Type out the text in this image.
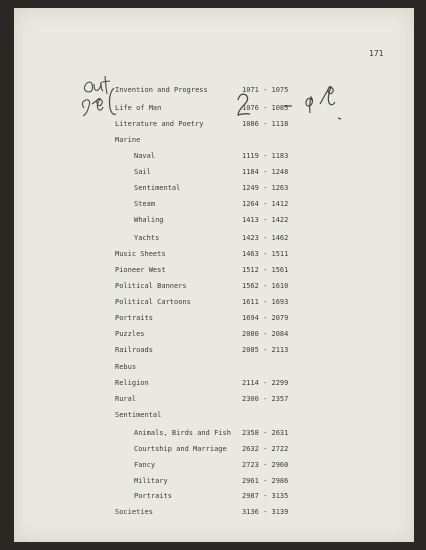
171
Invention and Progress	1071 - 1075
Life of Man	1076 - 1085
Literature and Poetry	1086 - 1118
Marine
Naval	1119 - 1183
Sail	1184 - 1248
Sentimental	1249 - 1263
Steam	1264 - 1412
Whaling	1413 - 1422
Yachts	1423 - 1462
Music Sheets	1463 - 1511
Pioneer West	1512 - 1561
Political Banners	1562 - 1610
Political Cartoons	1611 - 1693
Portraits	1694 - 2079
Puzzles	2080 - 2084
Railroads	2085 - 2113
Rebus
Religion	2114 - 2299
Rural	2300 - 2357
Sentimental
Animals, Birds and Fish 2358 - 2631
Courtship and Marriage 2632 - 2722
Fancy	2723 - 2960
Military	2961 - 2986
Portraits	2987 - 3135
Societies	3136 - 3139
